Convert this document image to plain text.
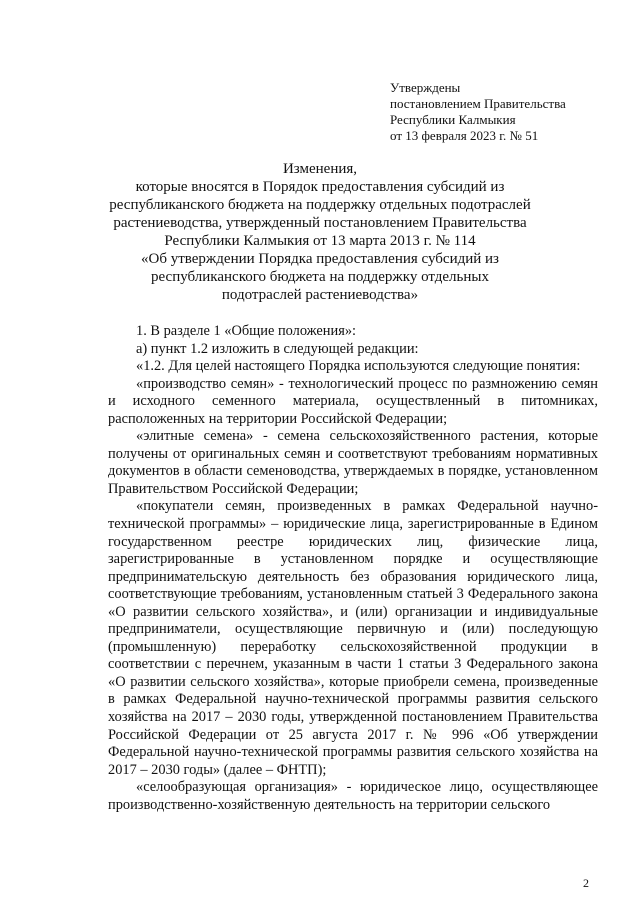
Утверждены
постановлением Правительства
Республики Калмыкия
от 13 февраля 2023 г. № 51
Изменения,
которые вносятся в Порядок предоставления субсидий из
республиканского бюджета на поддержку отдельных подотраслей
растениеводства, утвержденный постановлением Правительства
Республики Калмыкия от 13 марта 2013 г. № 114
«Об утверждении Порядка предоставления субсидий из
республиканского бюджета на поддержку отдельных
подотраслей растениеводства»

1. В разделе 1 «Общие положения»:

а) пункт 1.2 изложить в следующей редакции:

«1.2. Для целей настоящего Порядка используются следующие понятия:

«производство семян» - технологический процесс по размножению семян и исходного семенного материала, осуществленный в питомниках, расположенных на территории Российской Федерации;

«элитные семена» - семена сельскохозяйственного растения, которые получены от оригинальных семян и соответствуют требованиям нормативных документов в области семеноводства, утверждаемых в порядке, установленном Правительством Российской Федерации;

«покупатели семян, произведенных в рамках Федеральной научно-технической программы» – юридические лица, зарегистрированные в Едином государственном реестре юридических лиц, физические лица, зарегистрированные в установленном порядке и осуществляющие предпринимательскую деятельность без образования юридического лица, соответствующие требованиям, установленным статьей 3 Федерального закона «О развитии сельского хозяйства», и (или) организации и индивидуальные предприниматели, осуществляющие первичную и (или) последующую (промышленную) переработку сельскохозяйственной продукции в соответствии с перечнем, указанным в части 1 статьи 3 Федерального закона «О развитии сельского хозяйства», которые приобрели семена, произведенные в рамках Федеральной научно-технической программы развития сельского хозяйства на 2017 – 2030 годы, утвержденной постановлением Правительства Российской Федерации от 25 августа 2017 г. № 996 «Об утверждении Федеральной научно-технической программы развития сельского хозяйства на 2017 – 2030 годы» (далее – ФНТП);

«селообразующая организация» - юридическое лицо, осуществляющее производственно-хозяйственную деятельность на территории сельского

2
